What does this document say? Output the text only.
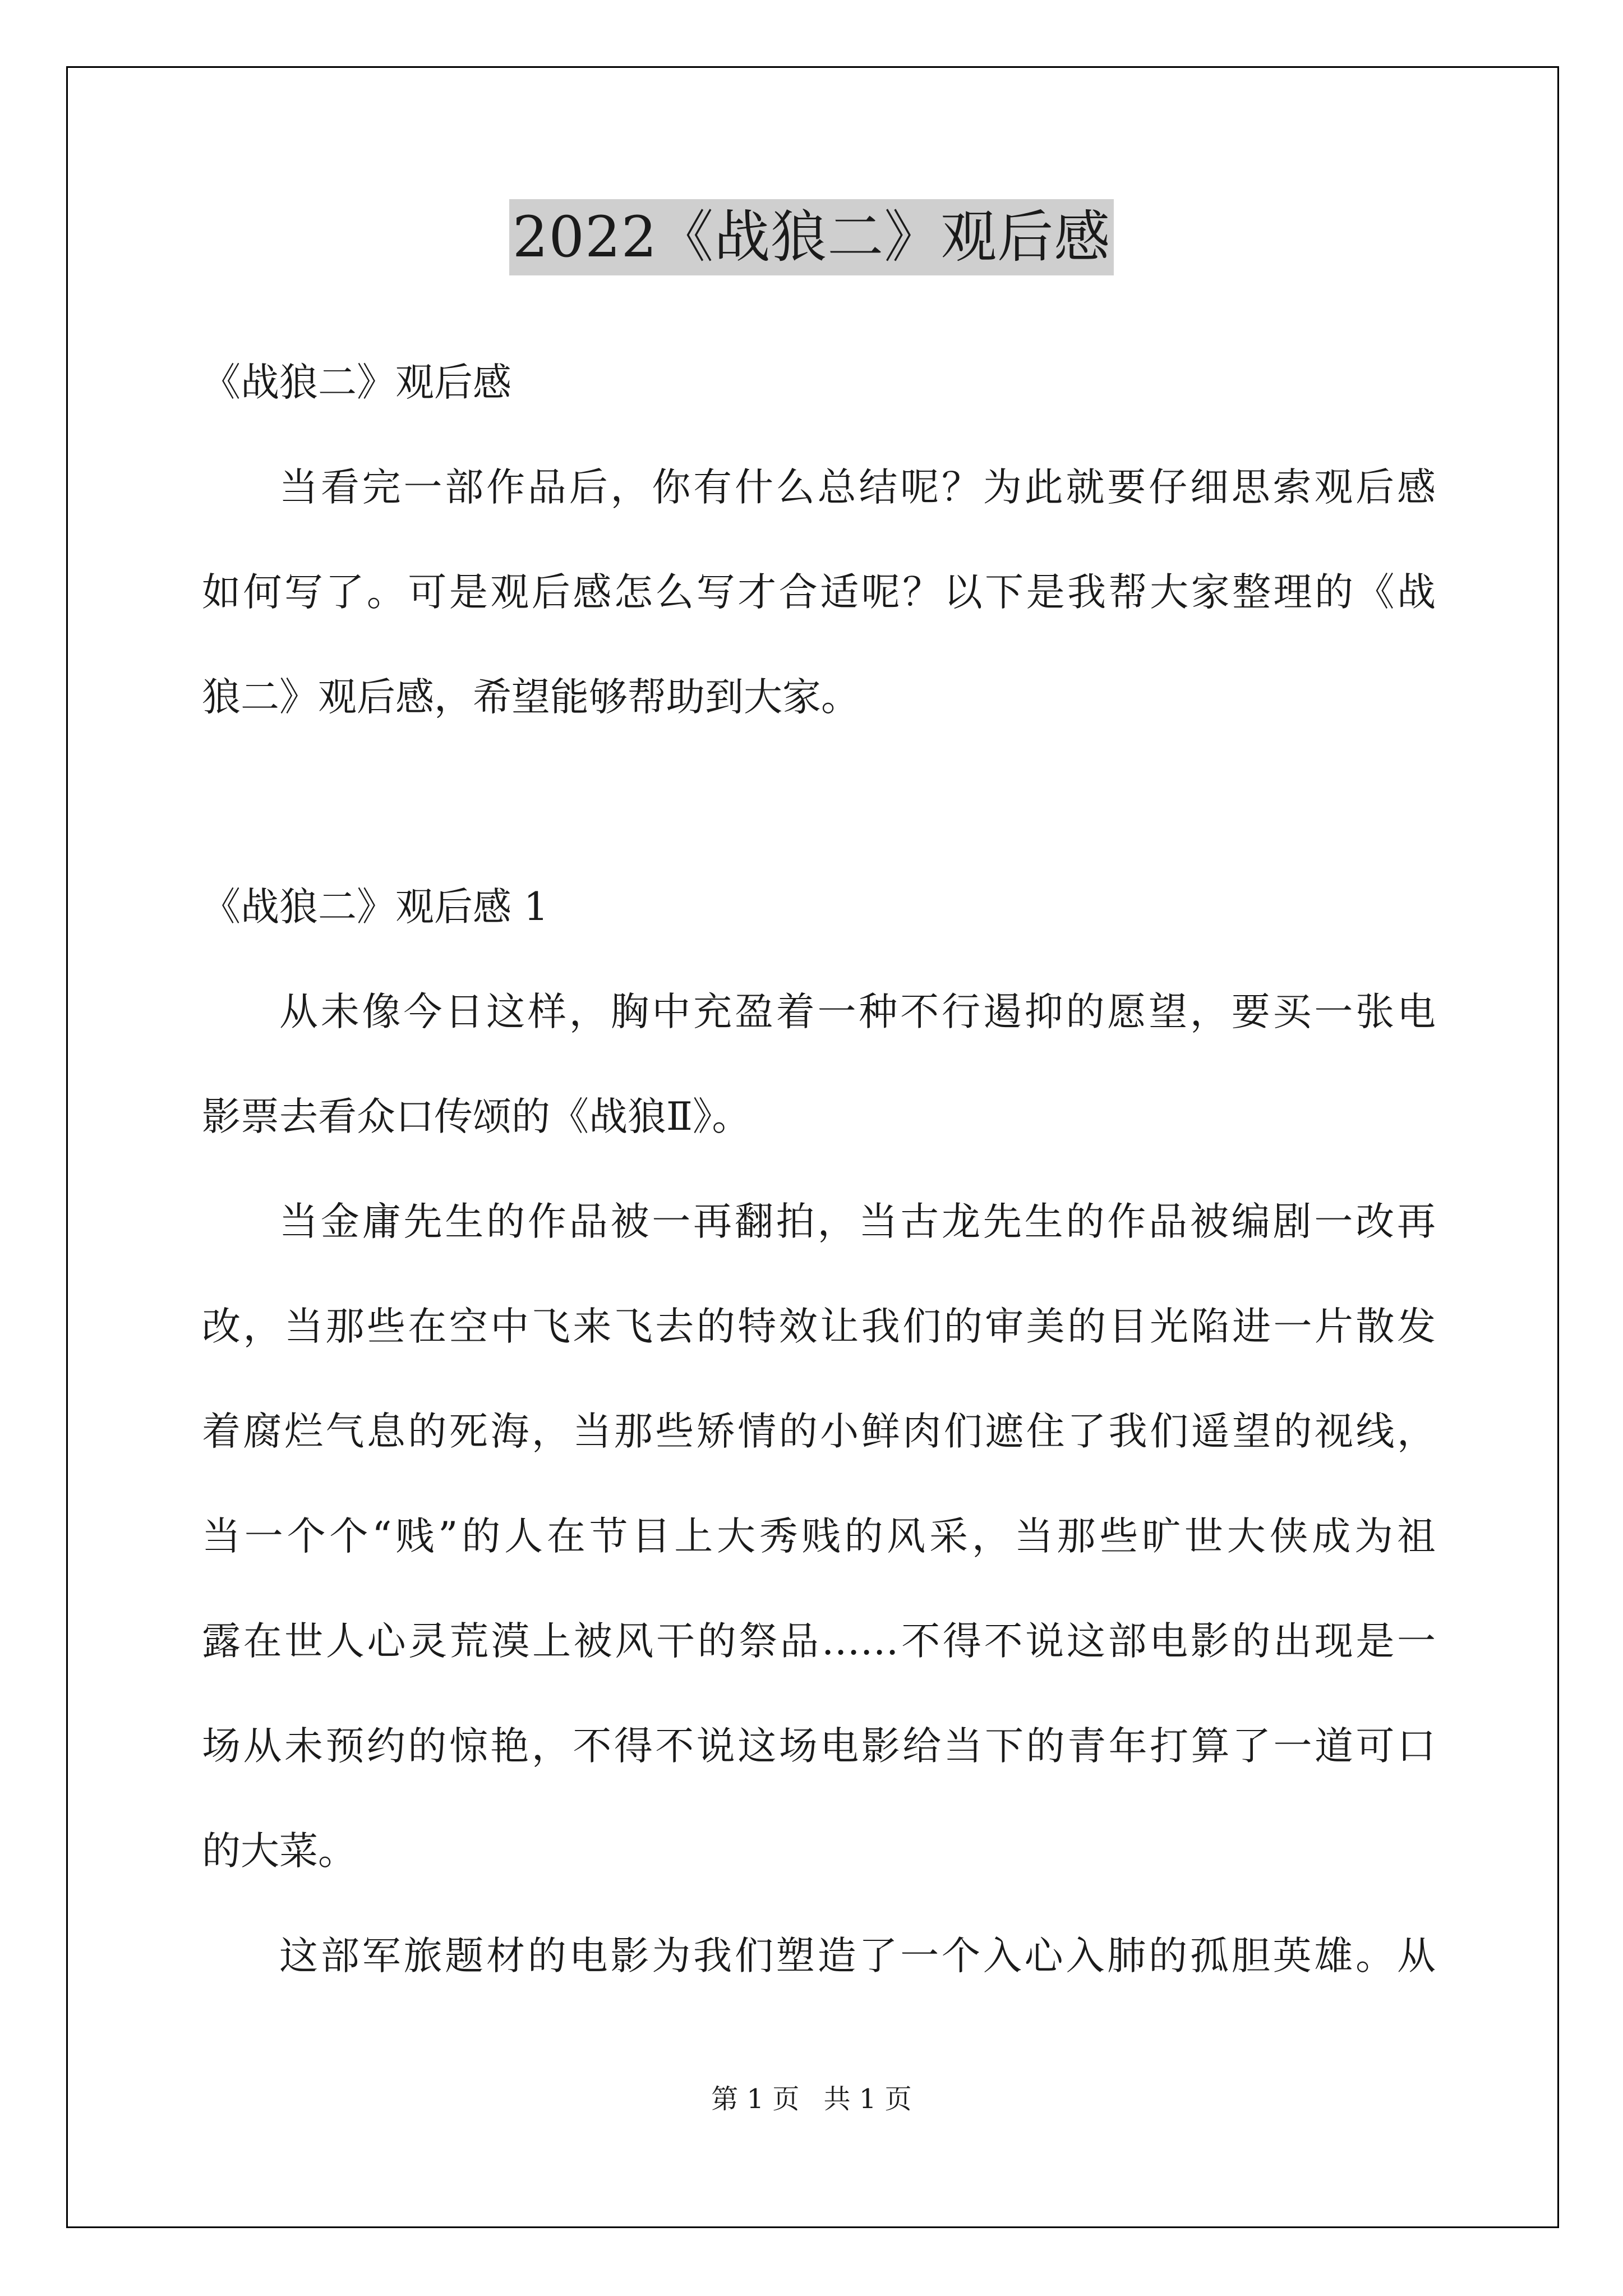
2022《战狼二》观后感
《战狼二》观后感
当看完一部作品后，你有什么总结呢？为此就要仔细思索观后感
如何写了。可是观后感怎么写才合适呢？以下是我帮大家整理的《战
狼二》观后感，希望能够帮助到大家。
《战狼二》观后感 1
从未像今日这样，胸中充盈着一种不行遏抑的愿望，要买一张电
影票去看众口传颂的《战狼Ⅱ》。
当金庸先生的作品被一再翻拍，当古龙先生的作品被编剧一改再
改，当那些在空中飞来飞去的特效让我们的审美的目光陷进一片散发
着腐烂气息的死海，当那些矫情的小鲜肉们遮住了我们遥望的视线，
当一个个“贱”的人在节目上大秀贱的风采，当那些旷世大侠成为祖
露在世人心灵荒漠上被风干的祭品……不得不说这部电影的出现是一
场从未预约的惊艳，不得不说这场电影给当下的青年打算了一道可口
的大菜。
这部军旅题材的电影为我们塑造了一个入心入肺的孤胆英雄。从
第 1 页 共 1 页
